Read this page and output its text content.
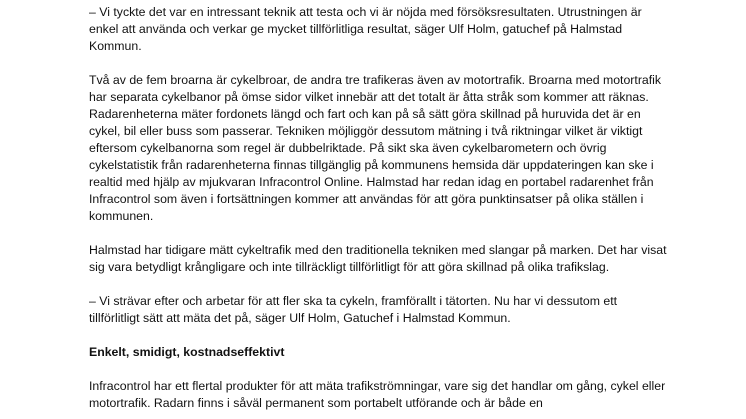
– Vi tyckte det var en intressant teknik att testa och vi är nöjda med försöksresultaten. Utrustningen är enkel att använda och verkar ge mycket tillförlitliga resultat, säger Ulf Holm, gatuchef på Halmstad Kommun.

Två av de fem broarna är cykelbroar, de andra tre trafikeras även av motortrafik. Broarna med motortrafik har separata cykelbanor på ömse sidor vilket innebär att det totalt är åtta stråk som kommer att räknas. Radarenheterna mäter fordonets längd och fart och kan på så sätt göra skillnad på huruvida det är en cykel, bil eller buss som passerar. Tekniken möjliggör dessutom mätning i två riktningar vilket är viktigt eftersom cykelbanorna som regel är dubbelriktade. På sikt ska även cykelbarometern och övrig cykelstatistik från radarenheterna finnas tillgänglig på kommunens hemsida där uppdateringen kan ske i realtid med hjälp av mjukvaran Infracontrol Online. Halmstad har redan idag en portabel radarenhet från Infracontrol som även i fortsättningen kommer att användas för att göra punktinsatser på olika ställen i kommunen.

Halmstad har tidigare mätt cykeltrafik med den traditionella tekniken med slangar på marken. Det har visat sig vara betydligt krångligare och inte tillräckligt tillförlitligt för att göra skillnad på olika trafikslag.

– Vi strävar efter och arbetar för att fler ska ta cykeln, framförallt i tätorten. Nu har vi dessutom ett tillförlitligt sätt att mäta det på, säger Ulf Holm, Gatuchef i Halmstad Kommun.

Enkelt, smidigt, kostnadseffektivt

Infracontrol har ett flertal produkter för att mäta trafikströmningar, vare sig det handlar om gång, cykel eller motortrafik. Radarn finns i såväl permanent som portabelt utförande och är både en
